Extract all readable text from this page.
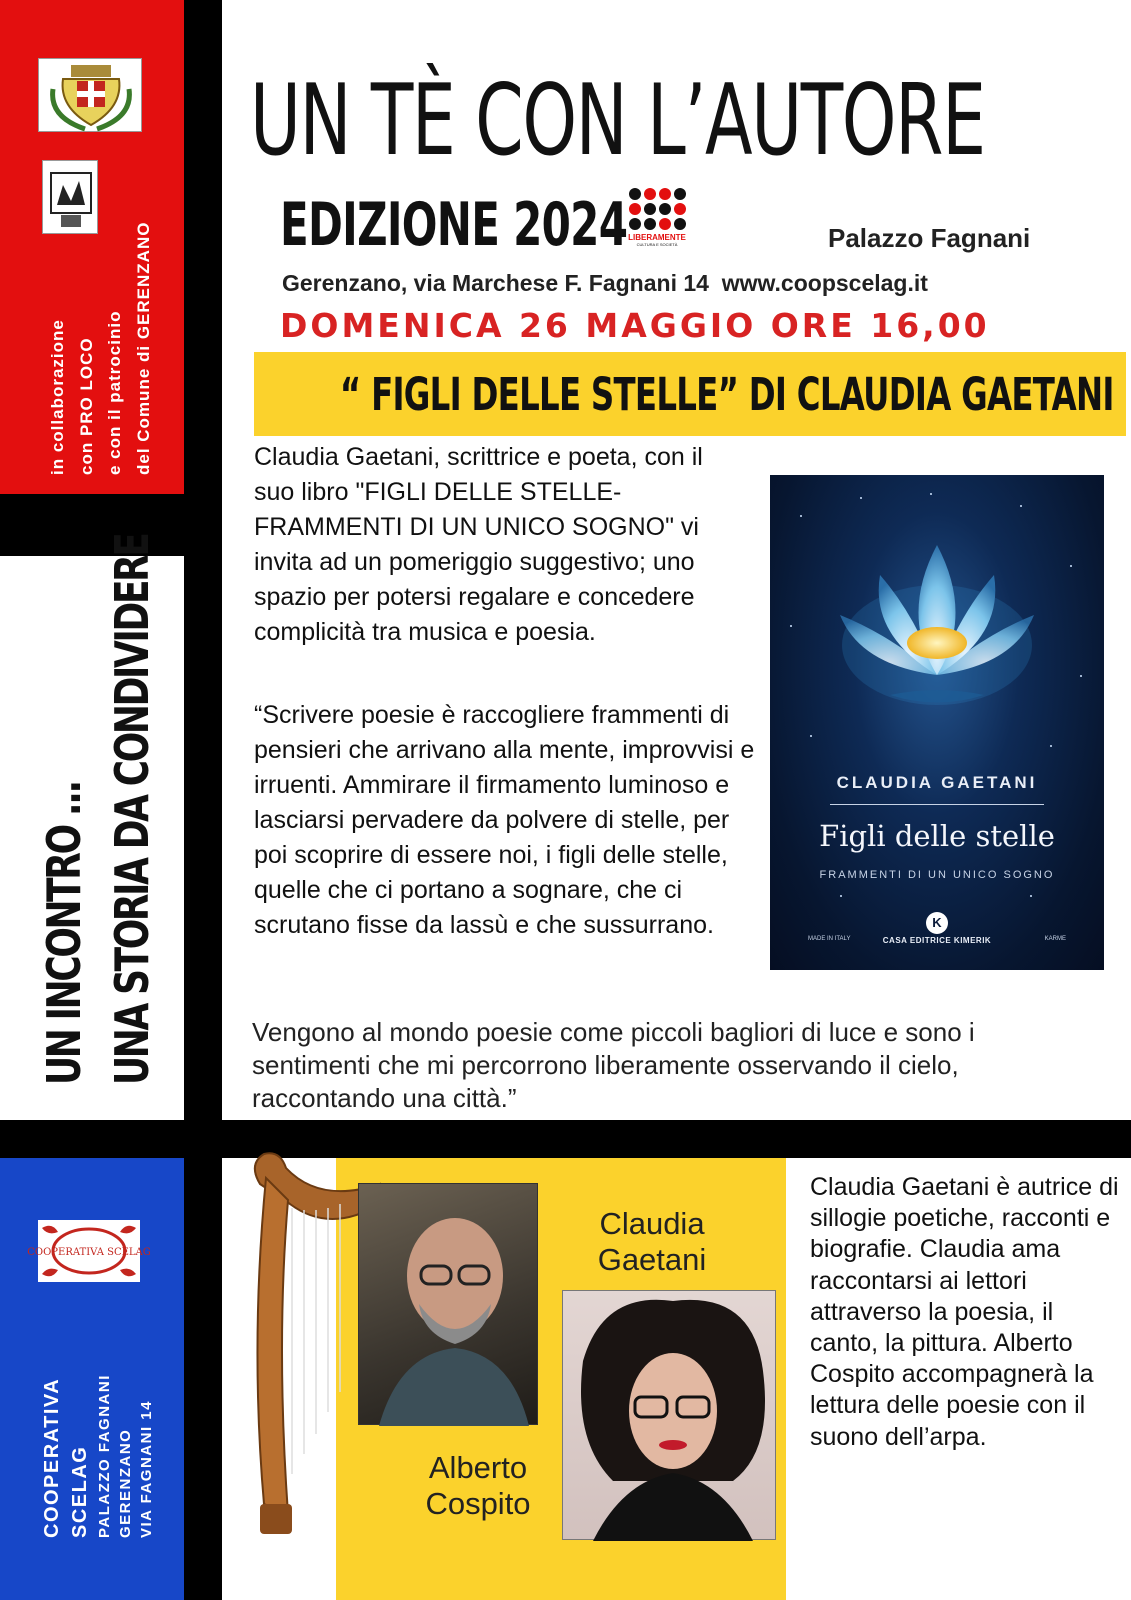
in collaborazione con PRO LOCO e con il patrocinio del Comune di GERENZANO
UN INCONTRO ... UNA STORIA DA CONDIVIDERE
COOPERATIVA SCELAG
COOPERATIVA SCELAG PALAZZO FAGNANI GERENZANO VIA FAGNANI 14
UN TÈ CON L’AUTORE
EDIZIONE 2024 LIBERAMENTE
CULTURA E SOCIETÀ	Palazzo Fagnani
Gerenzano, via Marchese F. Fagnani 14 www.coopscelag.it
DOMENICA 26 MAGGIO ORE 16,00
“ FIGLI DELLE STELLE” DI CLAUDIA GAETANI
Claudia Gaetani, scrittrice e poeta, con il suo libro "FIGLI DELLE STELLE-FRAMMENTI DI UN UNICO SOGNO" vi invita ad un pomeriggio suggestivo; uno spazio per potersi regalare e concedere complicità tra musica e poesia.
“Scrivere poesie è raccogliere frammenti di pensieri che arrivano alla mente, improvvisi e irruenti. Ammirare il firmamento luminoso e lasciarsi pervadere da polvere di stelle, per poi scoprire di essere noi, i figli delle stelle, quelle che ci portano a sognare, che ci scrutano fisse da lassù e che sussurrano.
Vengono al mondo poesie come piccoli bagliori di luce e sono i sentimenti che mi percorrono liberamente osservando il cielo, raccontando una città.”
CLAUDIA GAETANI
Figli delle stelle
FRAMMENTI DI UN UNICO SOGNO
K
MADE IN ITALY	CASA EDITRICE KIMERIK	KARME
Claudia Gaetani
Alberto Cospito
Claudia Gaetani è autrice di sillogie poetiche, racconti e biografie. Claudia ama raccontarsi ai lettori attraverso la poesia, il canto, la pittura. Alberto Cospito accompagnerà la lettura delle poesie con il suono dell’arpa.
